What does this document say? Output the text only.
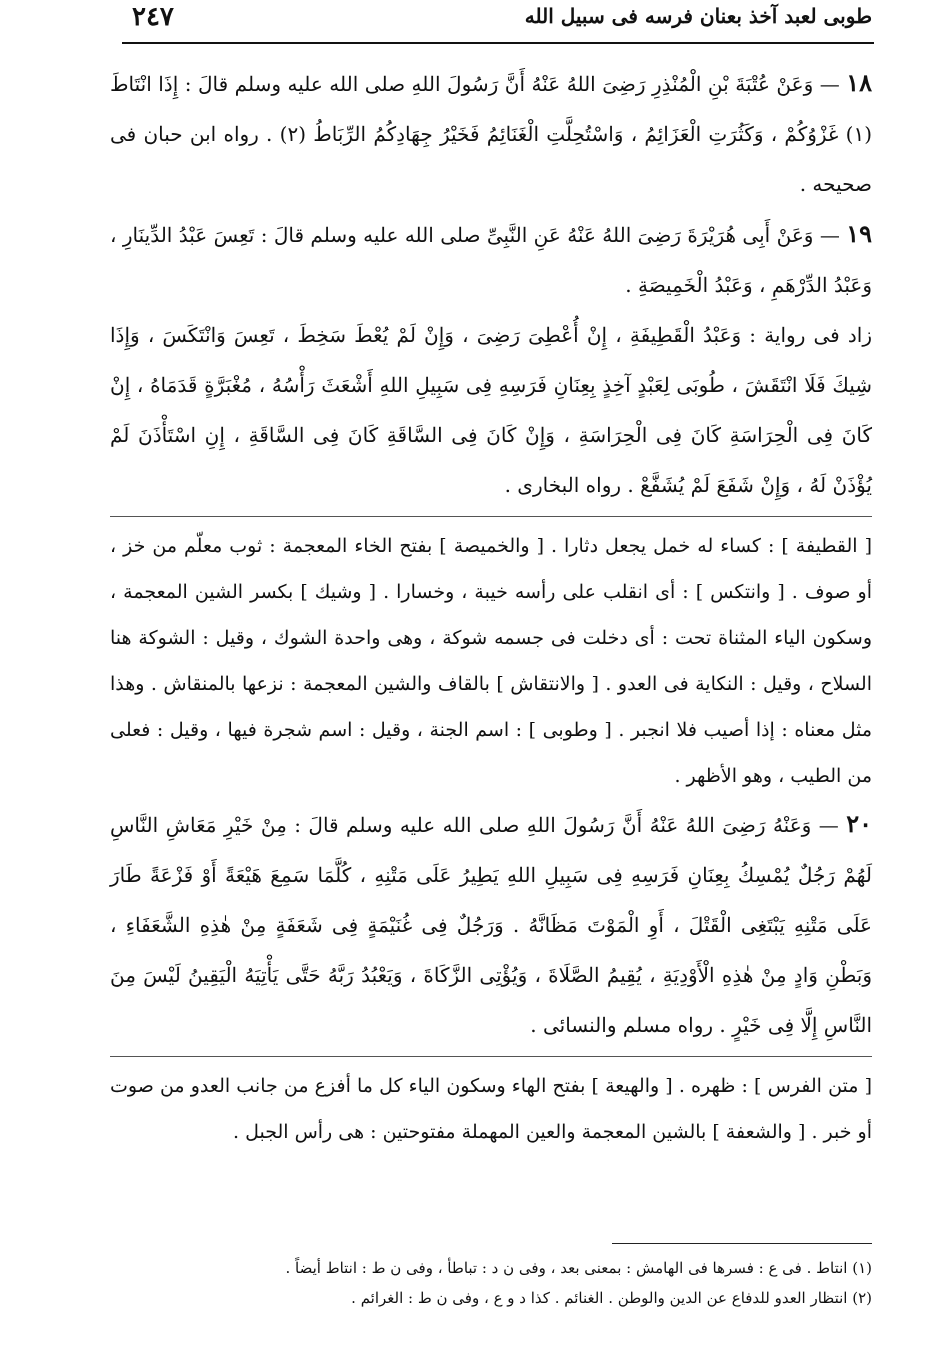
٢٤٧	طوبى لعبد آخذ بعنان فرسه فى سبيل الله

١٨ — وَعَنْ عُتْبَةَ بْنِ الْمُنْذِرِ رَضِىَ اللهُ عَنْهُ أَنَّ رَسُولَ اللهِ صلى الله عليه وسلم قالَ : إِذَا انْتَاطَ (١) غَزْوُكُمْ ، وَكَثُرَتِ الْعَزَائِمُ ، وَاسْتُحِلَّتِ الْغَنَائِمُ فَخَيْرُ جِهَادِكُمُ الرِّبَاطُ (٢) . رواه ابن حبان فى صحيحه .

١٩ — وَعَنْ أَبِى هُرَيْرَةَ رَضِىَ اللهُ عَنْهُ عَنِ النَّبِىِّ صلى الله عليه وسلم قالَ : تَعِسَ عَبْدُ الدِّينَارِ ، وَعَبْدُ الدِّرْهَمِ ، وَعَبْدُ الْخَمِيصَةِ .

زاد فى رواية : وَعَبْدُ الْقَطِيفَةِ ، إِنْ أُعْطِىَ رَضِىَ ، وَإِنْ لَمْ يُعْطَ سَخِطَ ، تَعِسَ وَانْتَكَسَ ، وَإِذَا شِيكَ فَلَا انْتَقَشَ ، طُوبَى لِعَبْدٍ آخِذٍ بِعِنَانِ فَرَسِهِ فِى سَبِيلِ اللهِ أَشْعَثَ رَأْسُهُ ، مُغْبَرَّةٍ قَدَمَاهُ ، إِنْ كَانَ فِى الْحِرَاسَةِ كَانَ فِى الْحِرَاسَةِ ، وَإِنْ كَانَ فِى السَّاقَةِ كَانَ فِى السَّاقَةِ ، إِنِ اسْتَأْذَنَ لَمْ يُؤْذَنْ لَهُ ، وَإِنْ شَفَعَ لَمْ يُشَفَّعْ . رواه البخارى .

[ القطيفة ] : كساء له خمل يجعل دثارا . [ والخميصة ] بفتح الخاء المعجمة : ثوب معلّم من خز ، أو صوف . [ وانتكس ] : أى انقلب على رأسه خيبة ، وخسارا . [ وشيك ] بكسر الشين المعجمة ، وسكون الياء المثناة تحت : أى دخلت فى جسمه شوكة ، وهى واحدة الشوك ، وقيل : الشوكة هنا السلاح ، وقيل : النكاية فى العدو . [ والانتقاش ] بالقاف والشين المعجمة : نزعها بالمنقاش . وهذا مثل معناه : إذا أصيب فلا انجبر . [ وطوبى ] : اسم الجنة ، وقيل : اسم شجرة فيها ، وقيل : فعلى من الطيب ، وهو الأظهر .

٢٠ — وَعَنْهُ رَضِىَ اللهُ عَنْهُ أَنَّ رَسُولَ اللهِ صلى الله عليه وسلم قالَ : مِنْ خَيْرِ مَعَاشِ النَّاسِ لَهُمْ رَجُلٌ يُمْسِكُ بِعِنَانِ فَرَسِهِ فِى سَبِيلِ اللهِ يَطِيرُ عَلَى مَتْنِهِ ، كُلَّمَا سَمِعَ هَيْعَةً أَوْ فَزْعَةً طَارَ عَلَى مَتْنِهِ يَبْتَغِى الْقَتْلَ ، أَوِ الْمَوْتَ مَظَانَّهُ . وَرَجُلٌ فِى غُنَيْمَةٍ فِى شَعَفَةٍ مِنْ هٰذِهِ الشَّعَفَاءِ ، وَبَطْنِ وَادٍ مِنْ هٰذِهِ الْأَوْدِيَةِ ، يُقِيمُ الصَّلَاةَ ، وَيُؤْتِى الزَّكَاةَ ، وَيَعْبُدُ رَبَّهُ حَتَّى يَأْتِيَهُ الْيَقِينُ لَيْسَ مِنَ النَّاسِ إِلَّا فِى خَيْرٍ . رواه مسلم والنسائى .

[ متن الفرس ] : ظهره . [ والهيعة ] بفتح الهاء وسكون الياء كل ما أفزع من جانب العدو من صوت أو خبر . [ والشعفة ] بالشين المعجمة والعين المهملة مفتوحتين : هى رأس الجبل .

(١) انتاط . فى ع : فسرها فى الهامش : بمعنى بعد ، وفى ن د : تباطأ ، وفى ن ط : انتاط أيضاً .
(٢) انتظار العدو للدفاع عن الدين والوطن . الغنائم . كذا د و ع ، وفى ن ط : الغرائم .
